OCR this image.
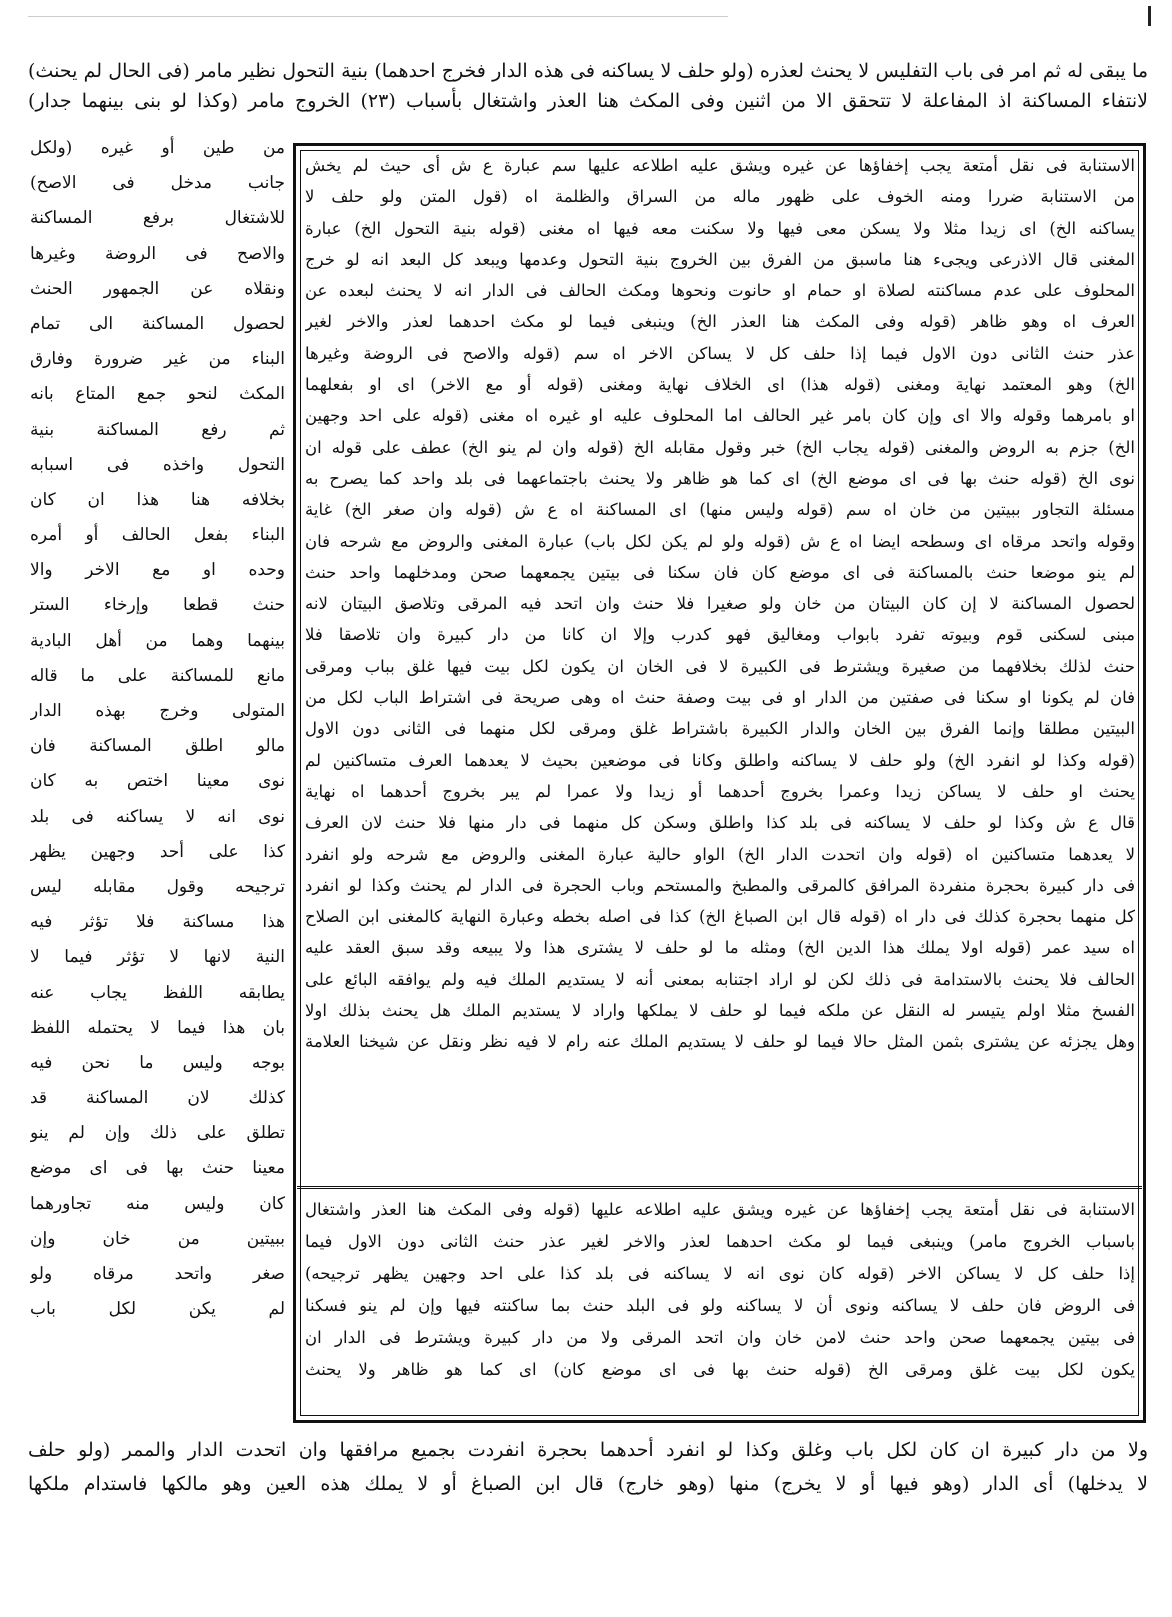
ما يبقى له ثم امر فى باب التفليس لا يحنث لعذره (ولو حلف لا يساكنه فى هذه الدار فخرج احدهما) بنية التحول نظير مامر (فى الحال لم يحنث)
لانتفاء المساكنة اذ المفاعلة لا تتحقق الا من اثنين وفى المكث هنا العذر واشتغال بأسباب (٢٣) الخروج مامر (وكذا لو بنى بينهما جدار)
الاستنابة فى نقل أمتعة يجب إخفاؤها عن غيره ويشق عليه اطلاعه عليها سم عبارة ع ش أى حيث لم يخش
من الاستنابة ضررا ومنه الخوف على ظهور ماله من السراق والظلمة اه (قول المتن ولو حلف لا
يساكنه الخ) اى زيدا مثلا ولا يسكن معى فيها ولا سكنت معه فيها اه مغنى (قوله بنية التحول الخ) عبارة
المغنى قال الاذرعى ويجىء هنا ماسبق من الفرق بين الخروج بنية التحول وعدمها ويبعد كل البعد انه لو خرج
المحلوف على عدم مساكنته لصلاة او حمام او حانوت ونحوها ومكث الحالف فى الدار انه لا يحنث لبعده عن
العرف اه وهو ظاهر (قوله وفى المكث هنا العذر الخ) وينبغى فيما لو مكث احدهما لعذر والاخر لغير
عذر حنث الثانى دون الاول فيما إذا حلف كل لا يساكن الاخر اه سم (قوله والاصح فى الروضة وغيرها
الخ) وهو المعتمد نهاية ومغنى (قوله هذا) اى الخلاف نهاية ومغنى (قوله أو مع الاخر) اى او بفعلهما
او بامرهما وقوله والا اى وإن كان بامر غير الحالف اما المحلوف عليه او غيره اه مغنى (قوله على احد وجهين
الخ) جزم به الروض والمغنى (قوله يجاب الخ) خبر وقول مقابله الخ (قوله وان لم ينو الخ) عطف على قوله ان
نوى الخ (قوله حنث بها فى اى موضع الخ) اى كما هو ظاهر ولا يحنث باجتماعهما فى بلد واحد كما يصرح به
مسئلة التجاور ببيتين من خان اه سم (قوله وليس منها) اى المساكنة اه ع ش (قوله وان صغر الخ) غاية
وقوله واتحد مرقاه اى وسطحه ايضا اه ع ش (قوله ولو لم يكن لكل باب) عبارة المغنى والروض مع شرحه فان
لم ينو موضعا حنث بالمساكنة فى اى موضع كان فان سكنا فى بيتين يجمعهما صحن ومدخلهما واحد حنث
لحصول المساكنة لا إن كان البيتان من خان ولو صغيرا فلا حنث وان اتحد فيه المرقى وتلاصق البيتان لانه
مبنى لسكنى قوم وبيوته تفرد بابواب ومغاليق فهو كدرب وإلا ان كانا من دار كبيرة وان تلاصقا فلا
حنث لذلك بخلافهما من صغيرة ويشترط فى الكبيرة لا فى الخان ان يكون لكل بيت فيها غلق بباب ومرقى
فان لم يكونا او سكنا فى صفتين من الدار او فى بيت وصفة حنث اه وهى صريحة فى اشتراط الباب لكل من
البيتين مطلقا وإنما الفرق بين الخان والدار الكبيرة باشتراط غلق ومرقى لكل منهما فى الثانى دون الاول
(قوله وكذا لو انفرد الخ) ولو حلف لا يساكنه واطلق وكانا فى موضعين بحيث لا يعدهما العرف متساكنين لم
يحنث او حلف لا يساكن زيدا وعمرا بخروج أحدهما أو زيدا ولا عمرا لم يبر بخروج أحدهما اه نهاية
قال ع ش وكذا لو حلف لا يساكنه فى بلد كذا واطلق وسكن كل منهما فى دار منها فلا حنث لان العرف
لا يعدهما متساكنين اه (قوله وان اتحدت الدار الخ) الواو حالية عبارة المغنى والروض مع شرحه ولو انفرد
فى دار كبيرة بحجرة منفردة المرافق كالمرقى والمطبخ والمستحم وباب الحجرة فى الدار لم يحنث وكذا لو انفرد
كل منهما بحجرة كذلك فى دار اه (قوله قال ابن الصباغ الخ) كذا فى اصله بخطه وعبارة النهاية كالمغنى ابن الصلاح
اه سيد عمر (قوله اولا يملك هذا الدين الخ) ومثله ما لو حلف لا يشترى هذا ولا يبيعه وقد سبق العقد عليه
الحالف فلا يحنث بالاستدامة فى ذلك لكن لو اراد اجتنابه بمعنى أنه لا يستديم الملك فيه ولم يوافقه البائع على
الفسخ مثلا اولم يتيسر له النقل عن ملكه فيما لو حلف لا يملكها واراد لا يستديم الملك هل يحنث بذلك اولا
وهل يجزئه عن يشترى بثمن المثل حالا فيما لو حلف لا يستديم الملك عنه رام لا فيه نظر ونقل عن شيخنا العلامة
الاستنابة فى نقل أمتعة يجب إخفاؤها عن غيره ويشق عليه اطلاعه عليها (قوله وفى المكث هنا العذر واشتغال
باسباب الخروج مامر) وينبغى فيما لو مكث احدهما لعذر والاخر لغير عذر حنث الثانى دون الاول فيما
إذا حلف كل لا يساكن الاخر (قوله كان نوى انه لا يساكنه فى بلد كذا على احد وجهين يظهر ترجيحه)
فى الروض فان حلف لا يساكنه ونوى أن لا يساكنه ولو فى البلد حنث بما ساكنته فيها وإن لم ينو فسكنا
فى بيتين يجمعهما صحن واحد حنث لامن خان وان اتحد المرقى ولا من دار كبيرة ويشترط فى الدار ان
يكون لكل بيت غلق ومرقى الخ (قوله حنث بها فى اى موضع كان) اى كما هو ظاهر ولا يحنث
من طين أو غيره (ولكل
جانب مدخل فى الاصح)
للاشتغال برفع المساكنة
والاصح فى الروضة وغيرها
ونقلاه عن الجمهور الحنث
لحصول المساكنة الى تمام
البناء من غير ضرورة وفارق
المكث لنحو جمع المتاع بانه
ثم رفع المساكنة بنية
التحول واخذه فى اسبابه
بخلافه هنا هذا ان كان
البناء بفعل الحالف أو أمره
وحده او مع الاخر والا
حنث قطعا وإرخاء الستر
بينهما وهما من أهل البادية
مانع للمساكنة على ما قاله
المتولى وخرج بهذه الدار
مالو اطلق المساكنة فان
نوى معينا اختص به كان
نوى انه لا يساكنه فى بلد
كذا على أحد وجهين يظهر
ترجيحه وقول مقابله ليس
هذا مساكنة فلا تؤثر فيه
النية لانها لا تؤثر فيما لا
يطابقه اللفظ يجاب عنه
بان هذا فيما لا يحتمله اللفظ
بوجه وليس ما نحن فيه
كذلك لان المساكنة قد
تطلق على ذلك وإن لم ينو
معينا حنث بها فى اى موضع
كان وليس منه تجاورهما
ببيتين من خان وإن
صغر واتحد مرقاه ولو
لم يكن لكل باب
ولا من دار كبيرة ان كان لكل باب وغلق وكذا لو انفرد أحدهما بحجرة انفردت بجميع مرافقها وان اتحدت الدار والممر (ولو حلف
لا يدخلها) أى الدار (وهو فيها أو لا يخرج) منها (وهو خارج) قال ابن الصباغ أو لا يملك هذه العين وهو مالكها فاستدام ملكها
